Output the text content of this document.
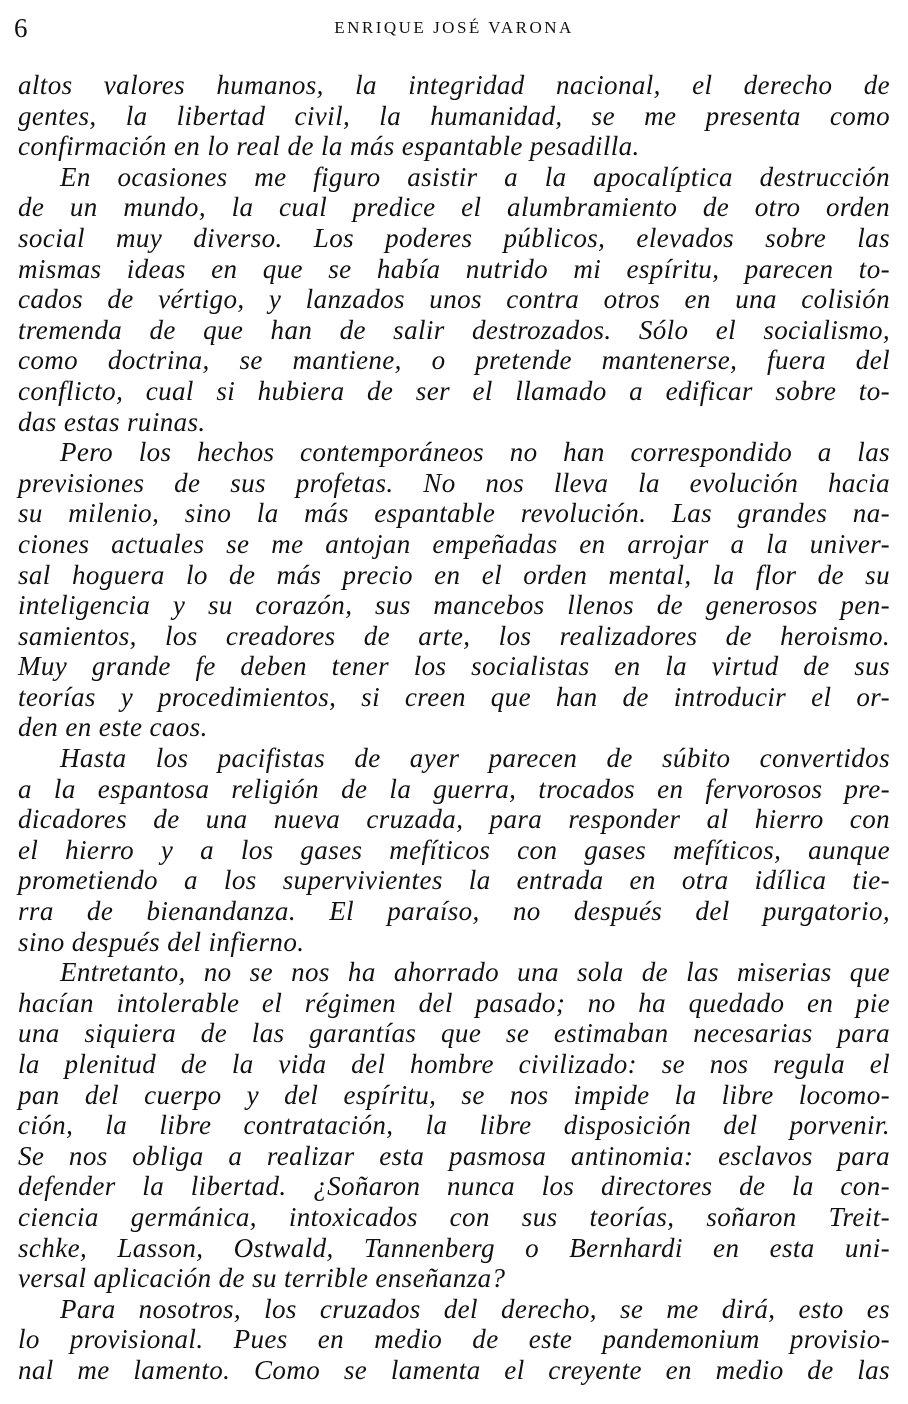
6	ENRIQUE JOSÉ VARONA
altos valores humanos, la integridad nacional, el derecho de
gentes, la libertad civil, la humanidad, se me presenta como
confirmación en lo real de la más espantable pesadilla.
En ocasiones me figuro asistir a la apocalíptica destrucción
de un mundo, la cual predice el alumbramiento de otro orden
social muy diverso. Los poderes públicos, elevados sobre las
mismas ideas en que se había nutrido mi espíritu, parecen to-
cados de vértigo, y lanzados unos contra otros en una colisión
tremenda de que han de salir destrozados. Sólo el socialismo,
como doctrina, se mantiene, o pretende mantenerse, fuera del
conflicto, cual si hubiera de ser el llamado a edificar sobre to-
das estas ruinas.
Pero los hechos contemporáneos no han correspondido a las
previsiones de sus profetas. No nos lleva la evolución hacia
su milenio, sino la más espantable revolución. Las grandes na-
ciones actuales se me antojan empeñadas en arrojar a la univer-
sal hoguera lo de más precio en el orden mental, la flor de su
inteligencia y su corazón, sus mancebos llenos de generosos pen-
samientos, los creadores de arte, los realizadores de heroismo.
Muy grande fe deben tener los socialistas en la virtud de sus
teorías y procedimientos, si creen que han de introducir el or-
den en este caos.
Hasta los pacifistas de ayer parecen de súbito convertidos
a la espantosa religión de la guerra, trocados en fervorosos pre-
dicadores de una nueva cruzada, para responder al hierro con
el hierro y a los gases mefíticos con gases mefíticos, aunque
prometiendo a los supervivientes la entrada en otra idílica tie-
rra de bienandanza. El paraíso, no después del purgatorio,
sino después del infierno.
Entretanto, no se nos ha ahorrado una sola de las miserias que
hacían intolerable el régimen del pasado; no ha quedado en pie
una siquiera de las garantías que se estimaban necesarias para
la plenitud de la vida del hombre civilizado: se nos regula el
pan del cuerpo y del espíritu, se nos impide la libre locomo-
ción, la libre contratación, la libre disposición del porvenir.
Se nos obliga a realizar esta pasmosa antinomia: esclavos para
defender la libertad. ¿Soñaron nunca los directores de la con-
ciencia germánica, intoxicados con sus teorías, soñaron Treit-
schke, Lasson, Ostwald, Tannenberg o Bernhardi en esta uni-
versal aplicación de su terrible enseñanza?
Para nosotros, los cruzados del derecho, se me dirá, esto es
lo provisional. Pues en medio de este pandemonium provisio-
nal me lamento. Como se lamenta el creyente en medio de las
